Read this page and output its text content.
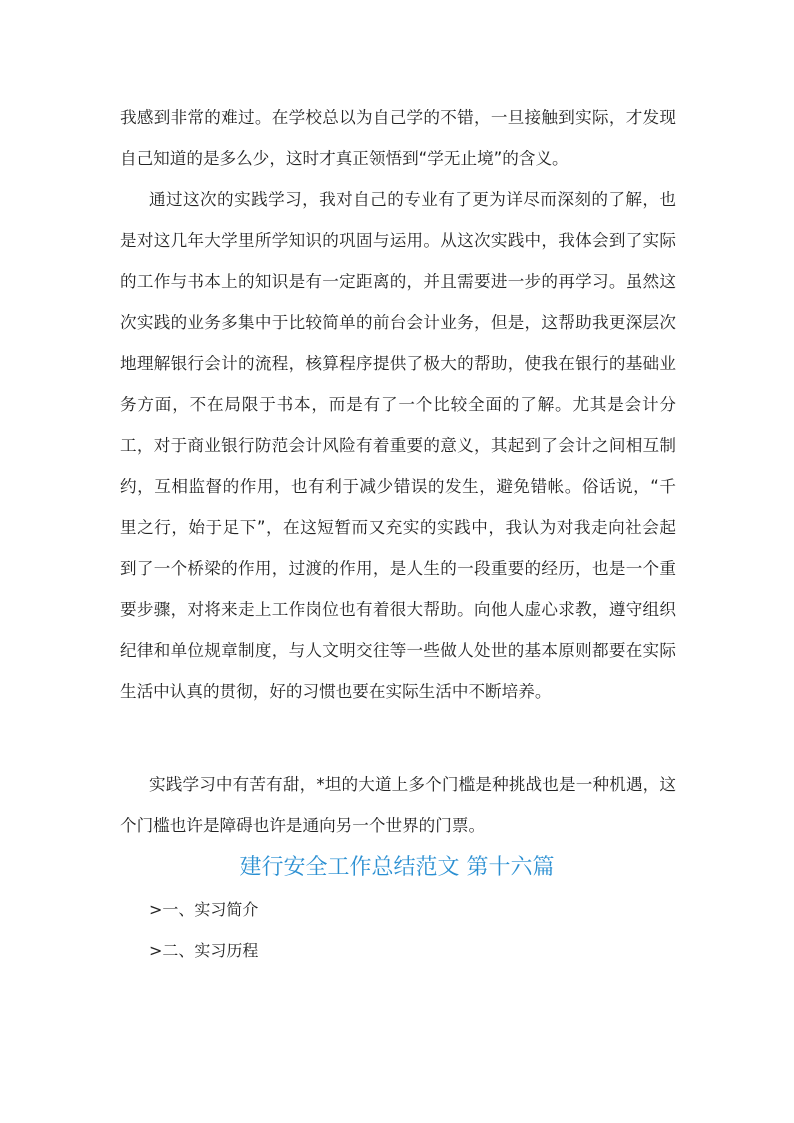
我感到非常的难过。在学校总以为自己学的不错，一旦接触到实际，才发现自己知道的是多么少，这时才真正领悟到“学无止境”的含义。

通过这次的实践学习，我对自己的专业有了更为详尽而深刻的了解，也是对这几年大学里所学知识的巩固与运用。从这次实践中，我体会到了实际的工作与书本上的知识是有一定距离的，并且需要进一步的再学习。虽然这次实践的业务多集中于比较简单的前台会计业务，但是，这帮助我更深层次地理解银行会计的流程，核算程序提供了极大的帮助，使我在银行的基础业务方面，不在局限于书本，而是有了一个比较全面的了解。尤其是会计分工，对于商业银行防范会计风险有着重要的意义，其起到了会计之间相互制约，互相监督的作用，也有利于减少错误的发生，避免错帐。俗话说，“千里之行，始于足下”，在这短暂而又充实的实践中，我认为对我走向社会起到了一个桥梁的作用，过渡的作用，是人生的一段重要的经历，也是一个重要步骤，对将来走上工作岗位也有着很大帮助。向他人虚心求教，遵守组织纪律和单位规章制度，与人文明交往等一些做人处世的基本原则都要在实际生活中认真的贯彻，好的习惯也要在实际生活中不断培养。

实践学习中有苦有甜，*坦的大道上多个门槛是种挑战也是一种机遇，这个门槛也许是障碍也许是通向另一个世界的门票。

建行安全工作总结范文 第十六篇
>一、实习简介
>二、实习历程
